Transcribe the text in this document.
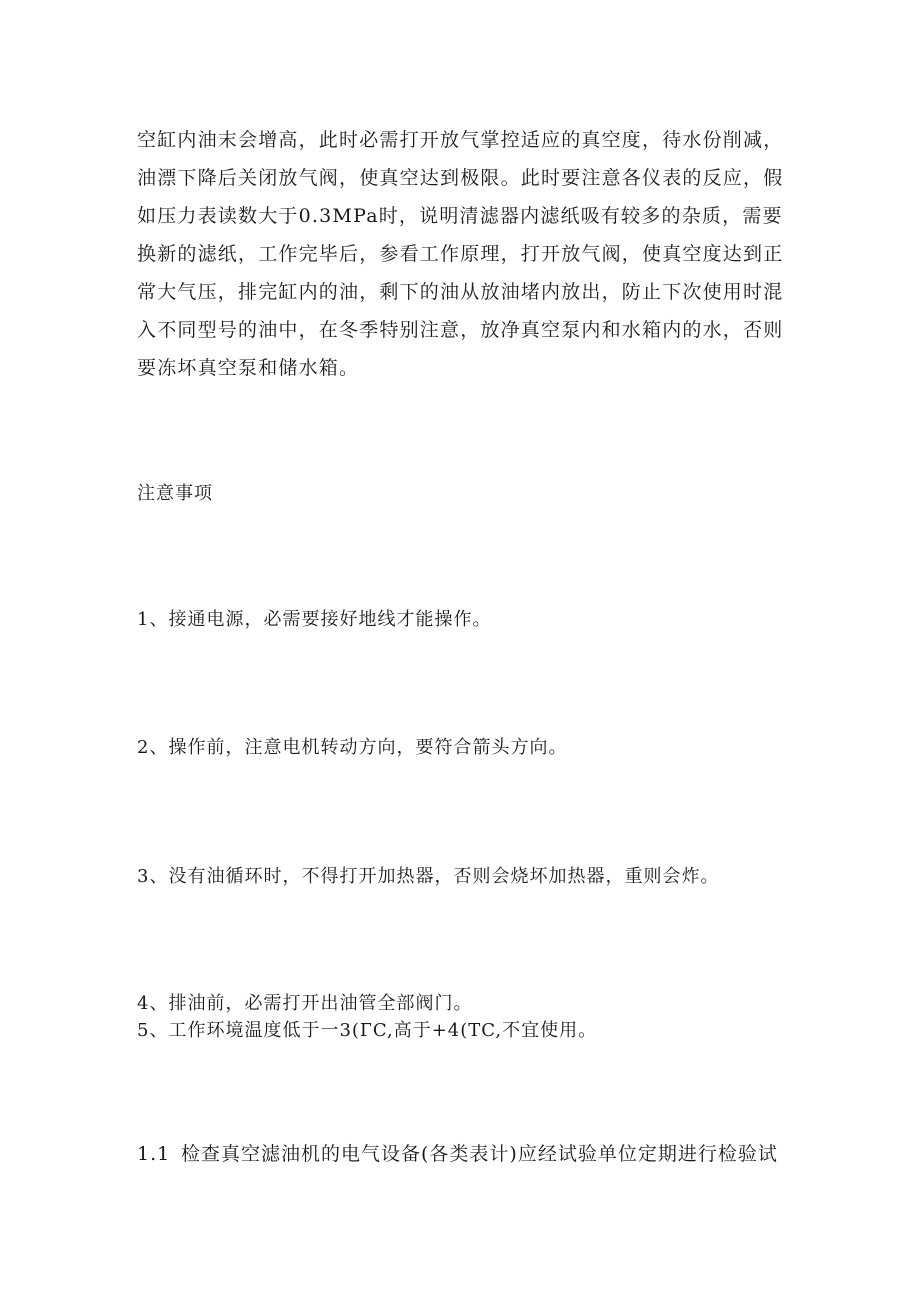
空缸内油末会增高，此时必需打开放气掌控适应的真空度，待水份削减，
油漂下降后关闭放气阀，使真空达到极限。此时要注意各仪表的反应，假
如压力表读数大于0.3MPa时，说明清滤器内滤纸吸有较多的杂质，需要
换新的滤纸，工作完毕后，参看工作原理，打开放气阀，使真空度达到正
常大气压，排完缸内的油，剩下的油从放油堵内放出，防止下次使用时混
入不同型号的油中，在冬季特别注意，放净真空泵内和水箱内的水，否则
要冻坏真空泵和储水箱。

注意事项

1、接通电源，必需要接好地线才能操作。

2、操作前，注意电机转动方向，要符合箭头方向。

3、没有油循环时，不得打开加热器，否则会烧坏加热器，重则会炸。

4、排油前，必需打开出油管全部阀门。

5、工作环境温度低于一3(ГC,高于+4(TC,不宜使用。

1.1 检查真空滤油机的电气设备(各类表计)应经试验单位定期进行检验试
